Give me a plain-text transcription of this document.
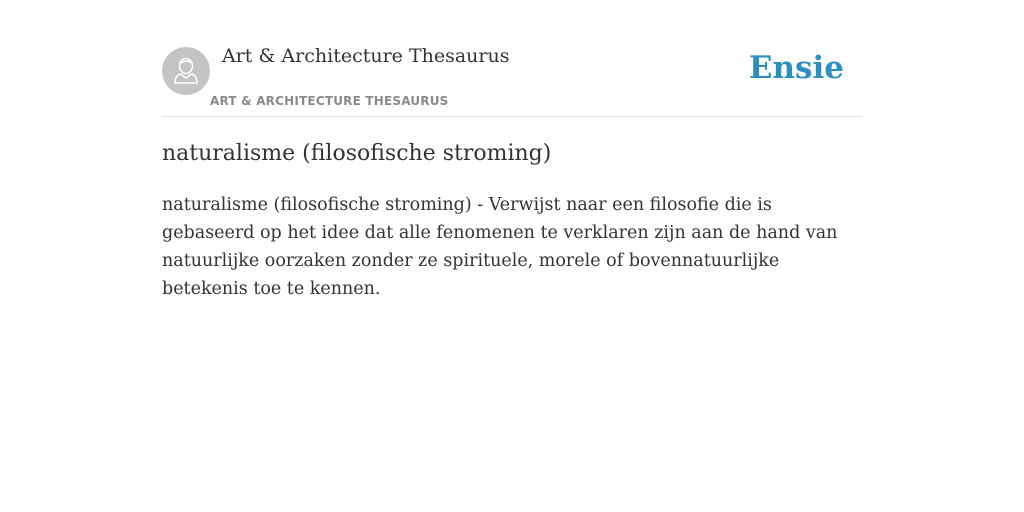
Art & Architecture Thesaurus
ART & ARCHITECTURE THESAURUS
Ensie
naturalisme (filosofische stroming)

naturalisme (filosofische stroming) - Verwijst naar een filosofie die is gebaseerd op het idee dat alle fenomenen te verklaren zijn aan de hand van natuurlijke oorzaken zonder ze spirituele, morele of bovennatuurlijke betekenis toe te kennen.
